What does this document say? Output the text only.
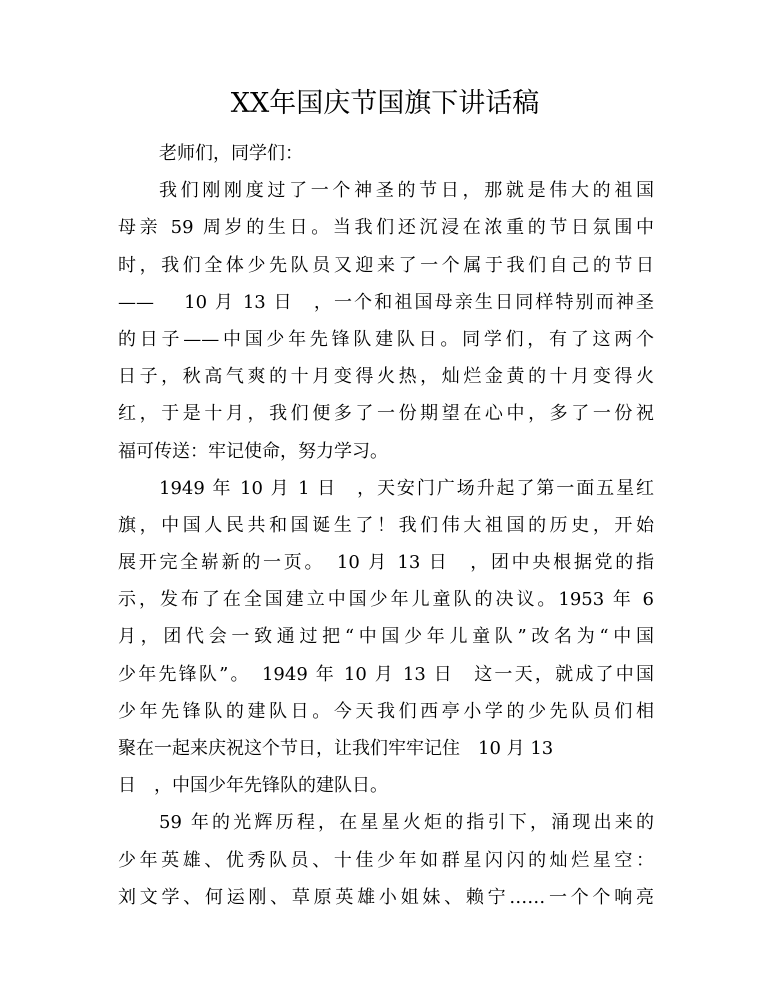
XX年国庆节国旗下讲话稿

老师们，同学们：

我们刚刚度过了一个神圣的节日，那就是伟大的祖国
母亲 59 周岁的生日。当我们还沉浸在浓重的节日氛围中
时，我们全体少先队员又迎来了一个属于我们自己的节日
——　 10 月 13 日　，一个和祖国母亲生日同样特别而神圣
的日子——中国少年先锋队建队日。同学们，有了这两个
日子，秋高气爽的十月变得火热，灿烂金黄的十月变得火
红，于是十月，我们便多了一份期望在心中，多了一份祝
福可传送：牢记使命，努力学习。

1949 年 10 月 1 日　，天安门广场升起了第一面五星红
旗，中国人民共和国诞生了！我们伟大祖国的历史，开始
展开完全崭新的一页。　10 月 13 日　，团中央根据党的指
示，发布了在全国建立中国少年儿童队的决议。1953 年 6
月，团代会一致通过把“中国少年儿童队”改名为“中国
少年先锋队”。　1949 年 10 月 13 日　这一天，就成了中国
少年先锋队的建队日。今天我们西亭小学的少先队员们相
聚在一起来庆祝这个节日，让我们牢牢记住　10 月 13
日　，中国少年先锋队的建队日。

59 年的光辉历程，在星星火炬的指引下，涌现出来的
少年英雄、优秀队员、十佳少年如群星闪闪的灿烂星空：
刘文学、何运刚、草原英雄小姐妹、赖宁……一个个响亮
